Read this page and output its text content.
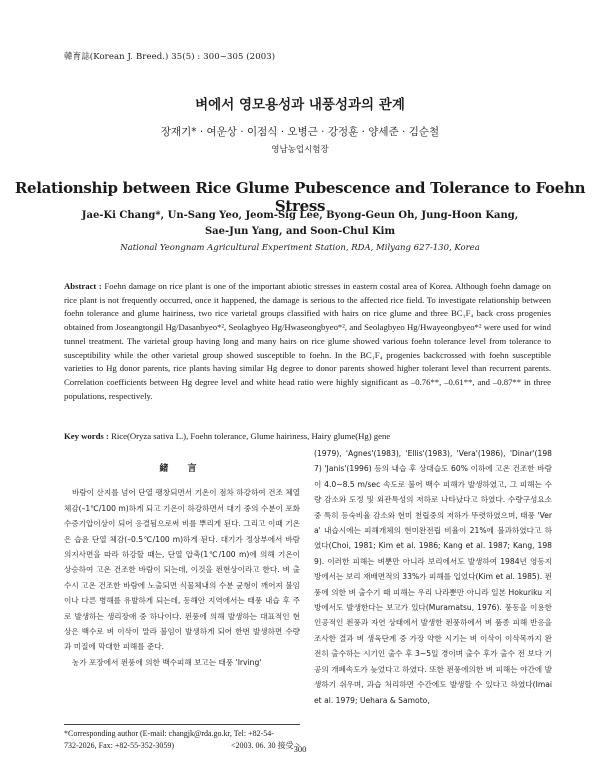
韓育誌(Korean J. Breed.) 35(5) : 300~305 (2003)
벼에서 영모용성과 내풍성과의 관계
장재기* · 여운상 · 이점식 · 오병근 · 강정훈 · 양세준 · 김순철
영남농업시험장
Relationship between Rice Glume Pubescence and Tolerance to Foehn Stress
Jae-Ki Chang*, Un-Sang Yeo, Jeom-Sig Lee, Byong-Geun Oh, Jung-Hoon Kang,
Sae-Jun Yang, and Soon-Chul Kim
National Yeongnam Agricultural Experiment Station, RDA, Milyang 627-130, Korea
Abstract : Foehn damage on rice plant is one of the important abiotic stresses in eastern costal area of Korea. Although foehn damage on rice plant is not frequently occurred, once it happened, the damage is serious to the affected rice field. To investigate relationship between foehn tolerance and glume hairiness, two rice varietal groups classified with hairs on rice glume and three BC₁F₄ back cross progenies obtained from Joseangtongil Hg/Dasanbyeo*², Seolagbyeo Hg/Hwaseongbyeo*², and Seolagbyeo Hg/Hwayeongbyeo*² were used for wind tunnel treatment. The varietal group having long and many hairs on rice glume showed various foehn tolerance level from tolerance to susceptibility while the other varietal group showed susceptible to foehn. In the BC₁F₄ progenies backcrossed with foehn susceptible varieties to Hg donor parents, rice plants having similar Hg degree to donor parents showed higher tolerant level than recurrent parents. Correlation coefficients between Hg degree level and white head ratio were highly significant as –0.76**, –0.61**, and –0.87** in three populations, respectively.
Key words : Rice(Oryza sativa L.), Foehn tolerance, Glume hairiness, Hairy glume(Hg) gene
緒 言

바람이 산지를 넘어 단열 팽창되면서 기온이 점차 하강하여 건조 체열 체감(–1℃/100 m)하게 되고 기온이 하강하면서 대기 중의 수분이 포화수증기압이상이 되어 응결됨으로써 비를 뿌리게 된다. 그리고 이때 기온은 습윤 단열 체감(–0.5℃/100 m)하게 된다. 대기가 정상부에서 바람의지사면을 따라 하강할 때는, 단열 압축(1℃/100 m)에 의해 기온이 상승하여 고온 건조한 바람이 되는데, 이것을 푄현상이라고 한다. 벼 출수시 고온 건조한 바람에 노출되면 식물체내의 수분 균형이 깨어져 불임이나 다른 병해를 유발하게 되는데, 동해안 지역에서는 태풍 내습 후 주로 발생하는 생리장애 중 하나이다. 푄풍에 의해 발생하는 대표적인 현상은 백수로 벼 이삭이 말라 불임이 발생하게 되어 한번 발생하면 수량과 미질에 막대한 피해를 준다.

농가 포장에서 푄풍에 의한 백수피해 보고는 태풍 'Irving'

(1979), 'Agnes'(1983), 'Ellis'(1983), 'Vera'(1986), 'Dinar'(1987) 'Janis'(1996) 등의 내습 후 상대습도 60% 이하에 고온 건조한 바람이 4.0~8.5 m/sec 속도로 불어 백수 피해가 발생하였고, 그 피해는 수량 감소와 도정 및 외관특성의 저하로 나타났다고 하였다. 수량구성요소 중 특히 등숙비율 감소와 현미 천립중의 저하가 뚜렷하였으며, 태풍 'Vera' 내습시에는 피해개체의 현미완전립 비율이 21%에 불과하였다고 하였다(Choi, 1981; Kim et al. 1986; Kang et al. 1987; Kang, 1989). 이러한 피해는 벼뿐만 아니라 보리에서도 발생하여 1984년 영동지방에서는 보리 재배면적의 33%가 피해를 입었다(Kim et al. 1985). 푄풍에 의한 벼 출수기 때 피해는 우리 나라뿐만 아니라 일본 Hokuriku 지방에서도 발생한다는 보고가 있다(Muramatsu, 1976). 풍동을 이용한 인공적인 푄풍과 자연 상태에서 발생한 푄풍하에서 벼 품종 피해 반응을 조사한 결과 벼 생육단계 중 가장 약한 시기는 벼 이삭이 이삭목까지 완전히 출수하는 시기인 출수 후 3~5일 경이며 출수 후가 출수 전 보다 기공의 개폐속도가 늦었다고 하였다. 또한 푄풍에의한 벼 피해는 야간에 발생하기 쉬우며, 과습 처리하면 수간에도 발생할 수 있다고 하였다(Imai et al. 1979; Uehara & Samoto,

*Corresponding author (E-mail: changjk@rda.go.kr, Tel: +82-54-
732-2026, Fax: +82-55-352-3059)	<2003. 06. 30 接受 >
300
